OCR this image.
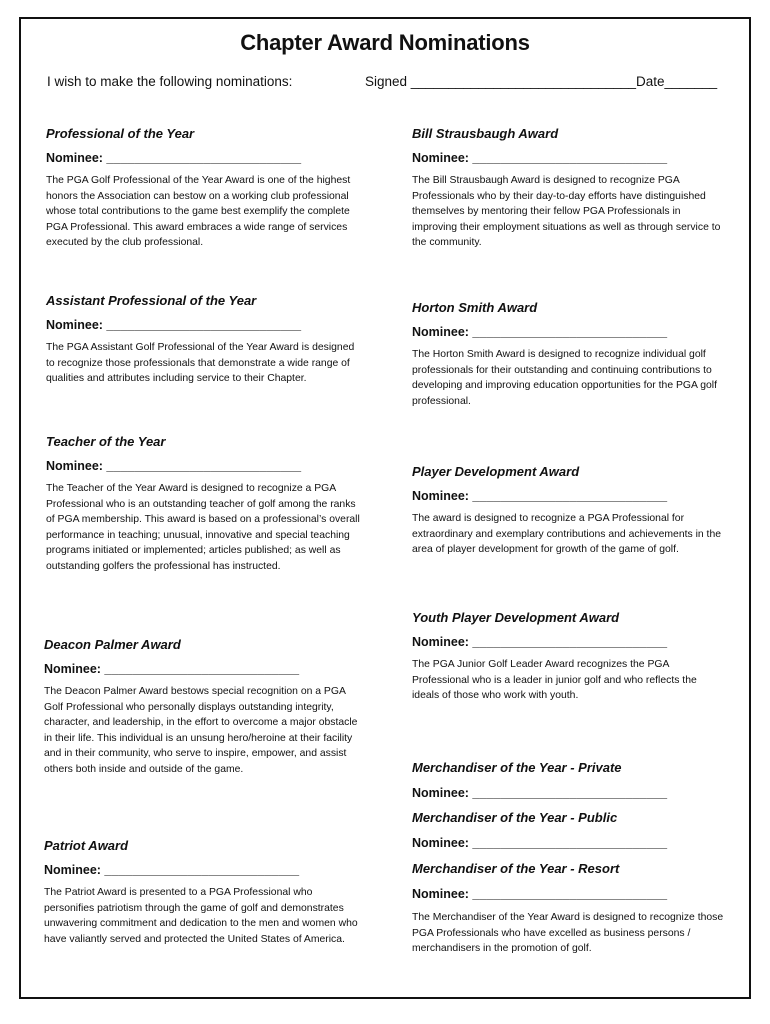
Chapter Award Nominations
I wish to make the following nominations:	Signed ______________________________Date_______
Professional of the Year
Nominee: ____________________________
The PGA Golf Professional of the Year Award is one of the highest honors the Association can bestow on a working club professional whose total contributions to the game best exemplify the complete PGA Professional. This award embraces a wide range of services executed by the club professional.
Assistant Professional of the Year
Nominee: ____________________________
The PGA Assistant Golf Professional of the Year Award is designed to recognize those professionals that demonstrate a wide range of qualities and attributes including service to their Chapter.
Teacher of the Year
Nominee: ____________________________
The Teacher of the Year Award is designed to recognize a PGA Professional who is an outstanding teacher of golf among the ranks of PGA membership. This award is based on a professional’s overall performance in teaching; unusual, innovative and special teaching programs initiated or implemented; articles published; as well as outstanding golfers the professional has instructed.
Deacon Palmer Award
Nominee: ____________________________
The Deacon Palmer Award bestows special recognition on a PGA Golf Professional who personally displays outstanding integrity, character, and leadership, in the effort to overcome a major obstacle in their life. This individual is an unsung hero/heroine at their facility and in their community, who serve to inspire, empower, and assist others both inside and outside of the game.
Patriot Award
Nominee: ____________________________
The Patriot Award is presented to a PGA Professional who personifies patriotism through the game of golf and demonstrates unwavering commitment and dedication to the men and women who have valiantly served and protected the United States of America.
Bill Strausbaugh Award
Nominee: ____________________________
The Bill Strausbaugh Award is designed to recognize PGA Professionals who by their day-to-day efforts have distinguished themselves by mentoring their fellow PGA Professionals in improving their employment situations as well as through service to the community.
Horton Smith Award
Nominee: ____________________________
The Horton Smith Award is designed to recognize individual golf professionals for their outstanding and continuing contributions to developing and improving education opportunities for the PGA golf professional.
Player Development Award
Nominee: ____________________________
The award is designed to recognize a PGA Professional for extraordinary and exemplary contributions and achievements in the area of player development for growth of the game of golf.
Youth Player Development Award
Nominee: ____________________________
The PGA Junior Golf Leader Award recognizes the PGA Professional who is a leader in junior golf and who reflects the ideals of those who work with youth.
Merchandiser of the Year - Private
Nominee: ____________________________
Merchandiser of the Year - Public
Nominee: ____________________________
Merchandiser of the Year - Resort
Nominee: ____________________________
The Merchandiser of the Year Award is designed to recognize those PGA Professionals who have excelled as business persons / merchandisers in the promotion of golf.
